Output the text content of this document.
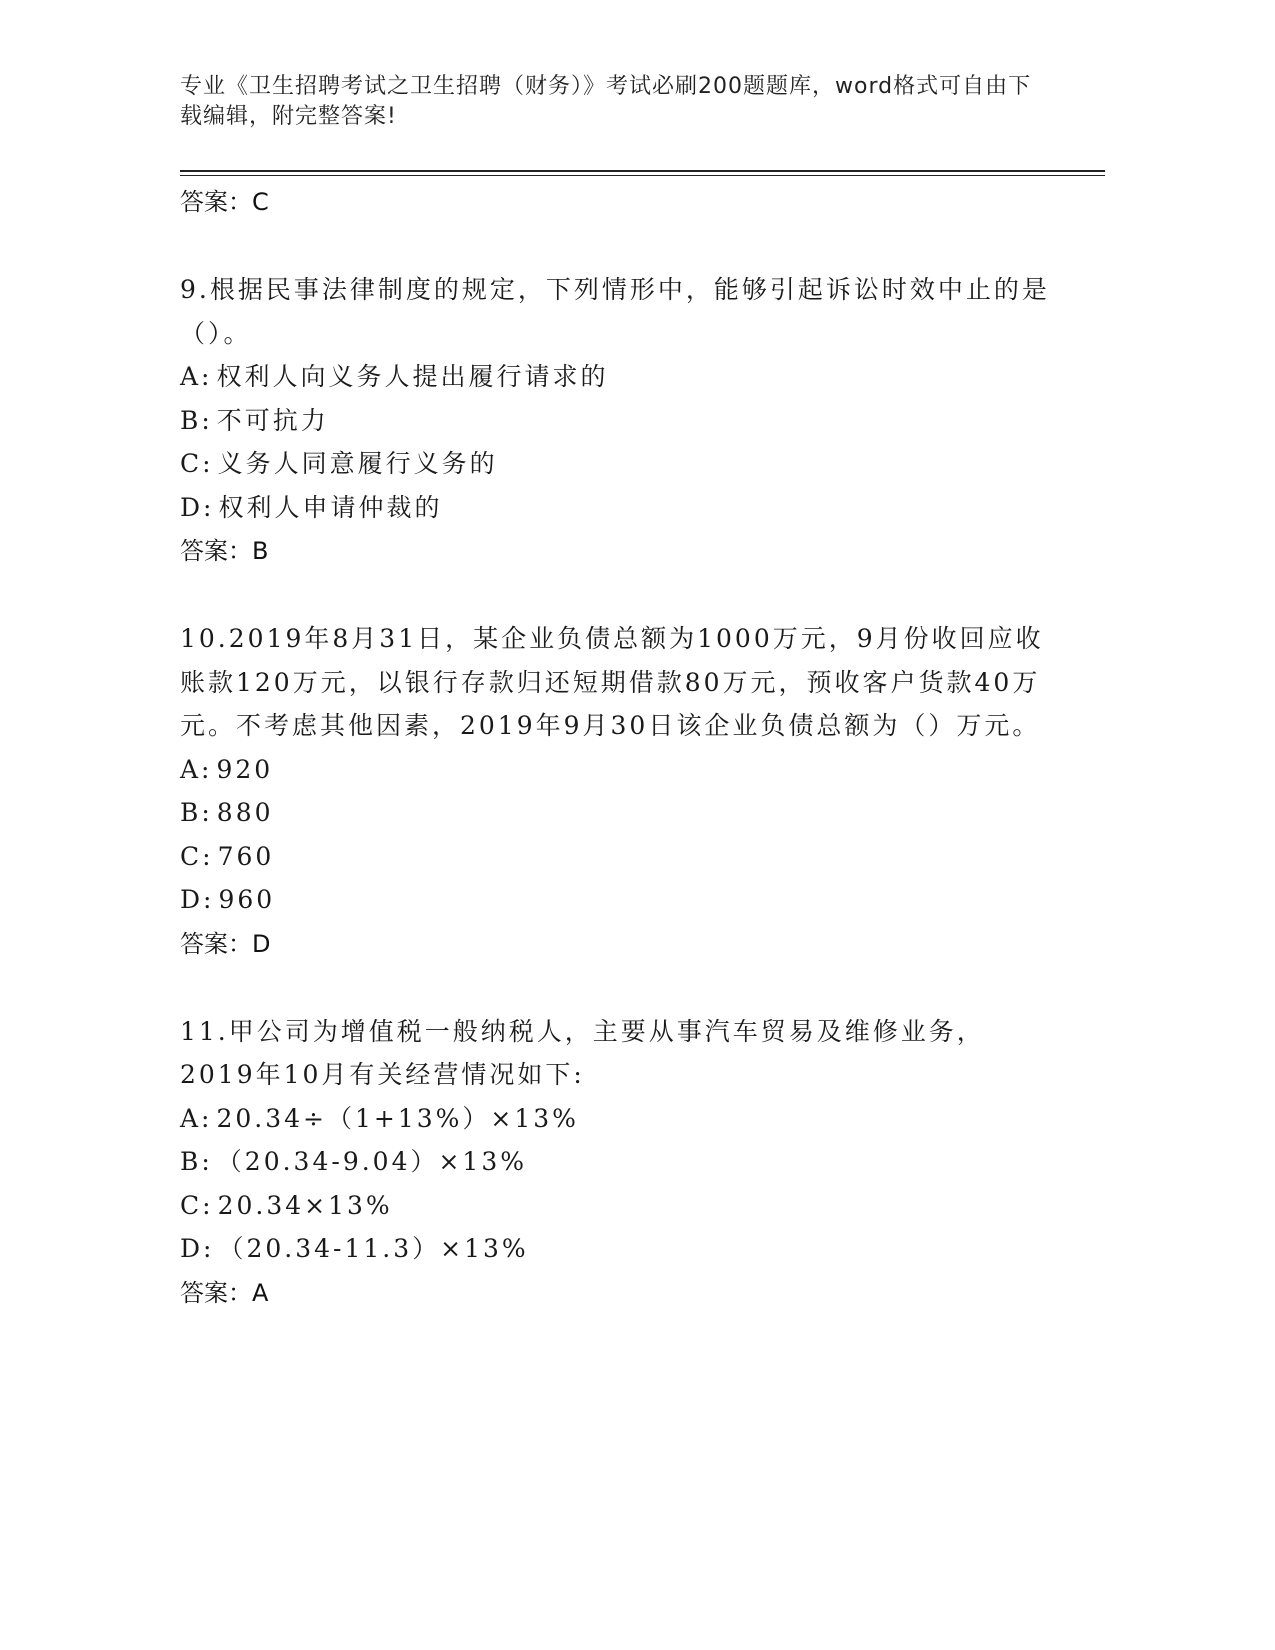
专业《卫生招聘考试之卫生招聘（财务）》考试必刷200题题库，word格式可自由下载编辑，附完整答案!
答案：C
9.根据民事法律制度的规定，下列情形中，能够引起诉讼时效中止的是（）。
A: 权利人向义务人提出履行请求的
B: 不可抗力
C: 义务人同意履行义务的
D: 权利人申请仲裁的
答案：B
10.2019年8月31日，某企业负债总额为1000万元，9月份收回应收账款120万元，以银行存款归还短期借款80万元，预收客户货款40万元。不考虑其他因素，2019年9月30日该企业负债总额为（）万元。
A: 920
B: 880
C: 760
D: 960
答案：D
11.甲公司为增值税一般纳税人，主要从事汽车贸易及维修业务，2019年10月有关经营情况如下:
A: 20.34÷（1+13%）×13%
B: （20.34-9.04）×13%
C: 20.34×13%
D: （20.34-11.3）×13%
答案：A
